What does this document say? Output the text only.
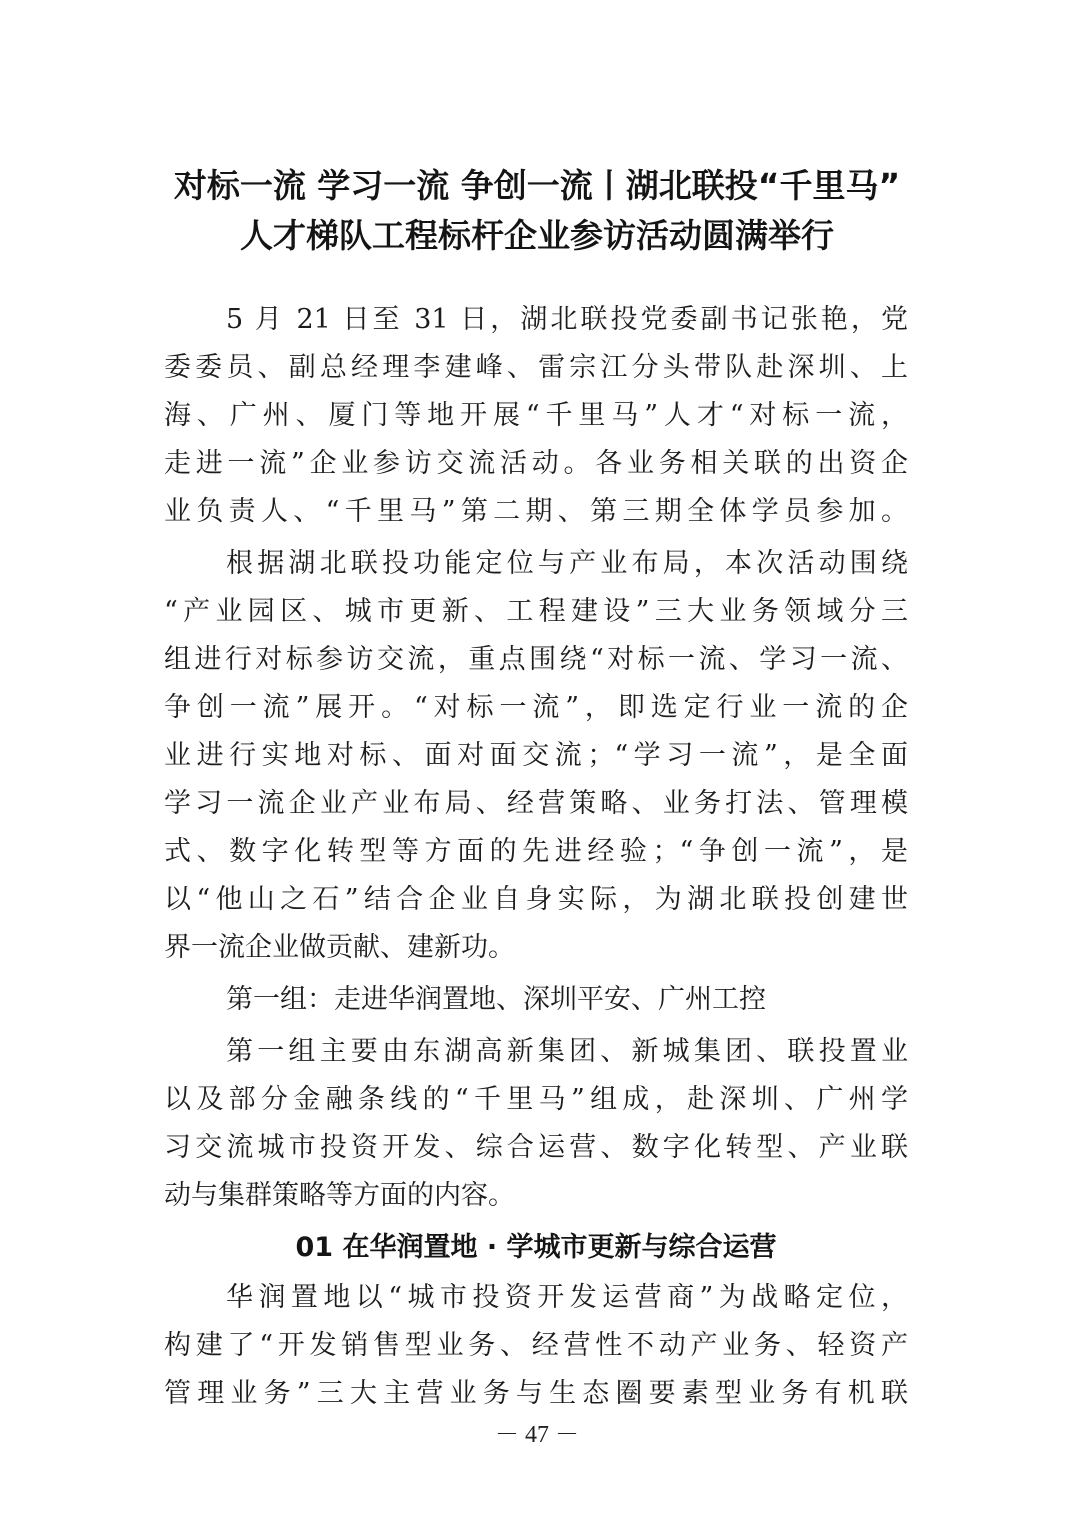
对标一流 学习一流 争创一流丨湖北联投“千里马”
人才梯队工程标杆企业参访活动圆满举行
5 月 21 日至 31 日，湖北联投党委副书记张艳，党
委委员、副总经理李建峰、雷宗江分头带队赴深圳、上
海、广州、厦门等地开展“千里马”人才“对标一流，
走进一流”企业参访交流活动。各业务相关联的出资企
业负责人、“千里马”第二期、第三期全体学员参加。
根据湖北联投功能定位与产业布局，本次活动围绕
“产业园区、城市更新、工程建设”三大业务领域分三
组进行对标参访交流，重点围绕“对标一流、学习一流、
争创一流”展开。“对标一流”，即选定行业一流的企
业进行实地对标、面对面交流；“学习一流”，是全面
学习一流企业产业布局、经营策略、业务打法、管理模
式、数字化转型等方面的先进经验；“争创一流”，是
以“他山之石”结合企业自身实际，为湖北联投创建世
界一流企业做贡献、建新功。
第一组：走进华润置地、深圳平安、广州工控
第一组主要由东湖高新集团、新城集团、联投置业
以及部分金融条线的“千里马”组成，赴深圳、广州学
习交流城市投资开发、综合运营、数字化转型、产业联
动与集群策略等方面的内容。
01 在华润置地 · 学城市更新与综合运营
华润置地以“城市投资开发运营商”为战略定位，
构建了“开发销售型业务、经营性不动产业务、轻资产
管理业务”三大主营业务与生态圈要素型业务有机联
－ 47 －
